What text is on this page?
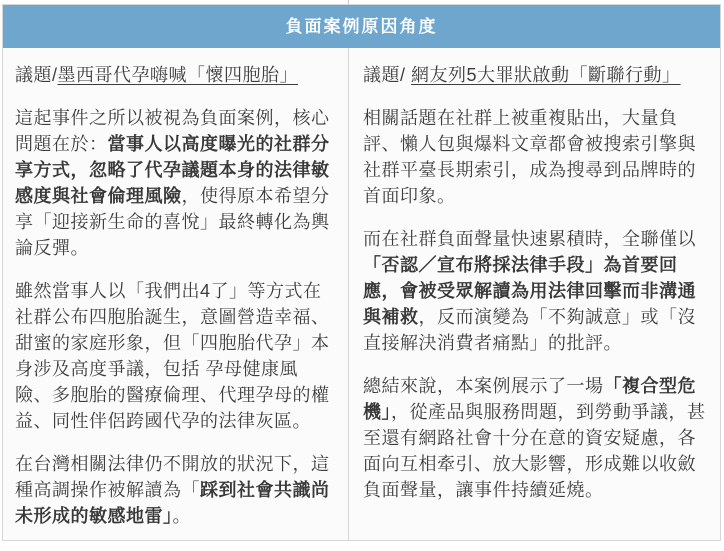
負面案例原因角度
議題/墨西哥代孕嗨喊「懷四胞胎」

這起事件之所以被視為負面案例，核心問題在於：當事人以高度曝光的社群分享方式，忽略了代孕議題本身的法律敏感度與社會倫理風險，使得原本希望分享「迎接新生命的喜悅」最終轉化為輿論反彈。

雖然當事人以「我們出4了」等方式在社群公布四胞胎誕生，意圖營造幸福、甜蜜的家庭形象，但「四胞胎代孕」本身涉及高度爭議，包括 孕母健康風險、多胞胎的醫療倫理、代理孕母的權益、同性伴侶跨國代孕的法律灰區。

在台灣相關法律仍不開放的狀況下，這種高調操作被解讀為「踩到社會共識尚未形成的敏感地雷」。

議題/ 網友列5大罪狀啟動「斷聯行動」

相關話題在社群上被重複貼出，大量負評、懶人包與爆料文章都會被搜索引擎與社群平臺長期索引，成為搜尋到品牌時的首面印象。

而在社群負面聲量快速累積時，全聯僅以「否認／宣布將採法律手段」為首要回應，會被受眾解讀為用法律回擊而非溝通與補救，反而演變為「不夠誠意」或「沒直接解決消費者痛點」的批評。

總結來說，本案例展示了一場「複合型危機」，從產品與服務問題，到勞動爭議，甚至還有網路社會十分在意的資安疑慮，各面向互相牽引、放大影響，形成難以收斂負面聲量，讓事件持續延燒。
